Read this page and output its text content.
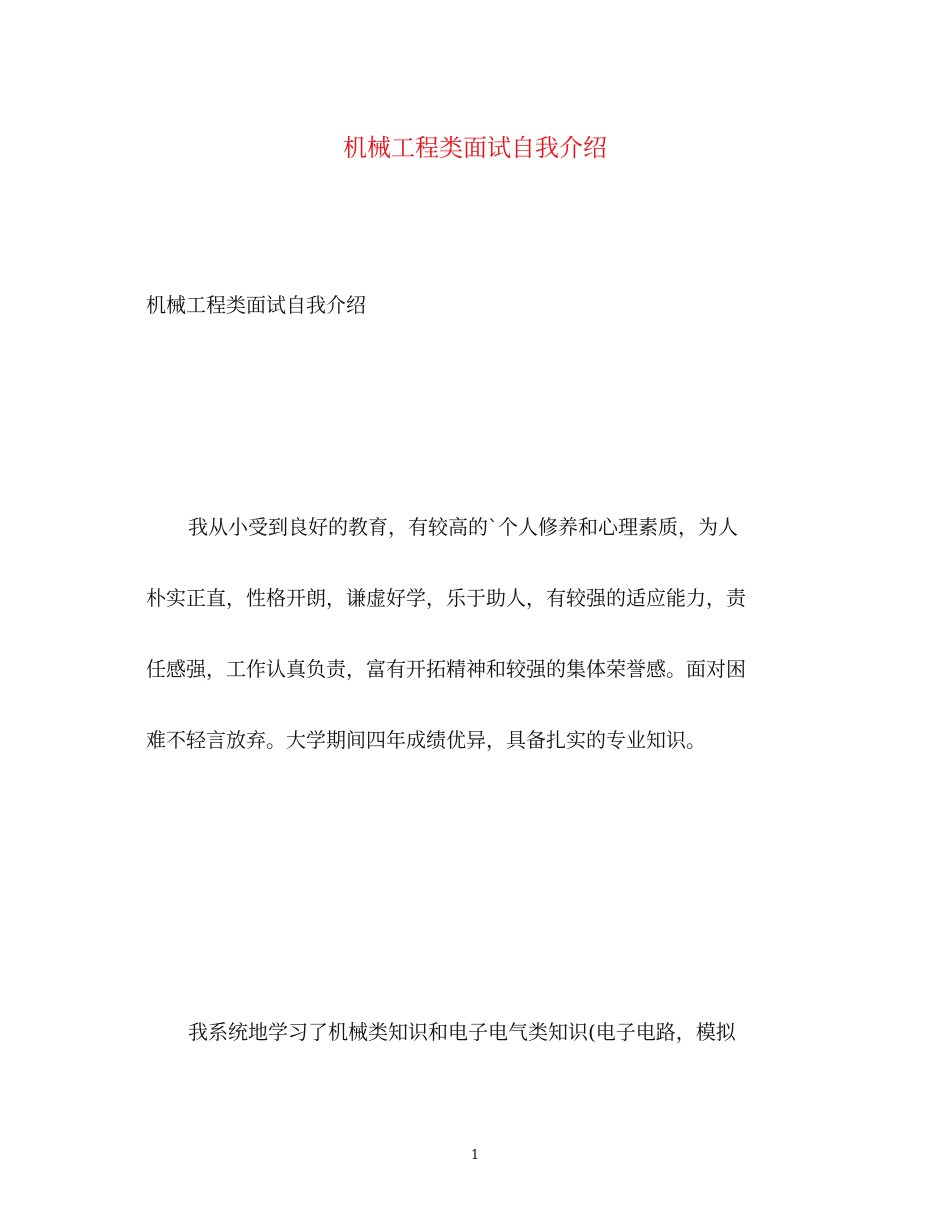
机械工程类面试自我介绍

机械工程类面试自我介绍

我从小受到良好的教育，有较高的`个人修养和心理素质，为人
朴实正直，性格开朗，谦虚好学，乐于助人，有较强的适应能力，责
任感强，工作认真负责，富有开拓精神和较强的集体荣誉感。面对困
难不轻言放弃。大学期间四年成绩优异，具备扎实的专业知识。
我系统地学习了机械类知识和电子电气类知识(电子电路，模拟

1
